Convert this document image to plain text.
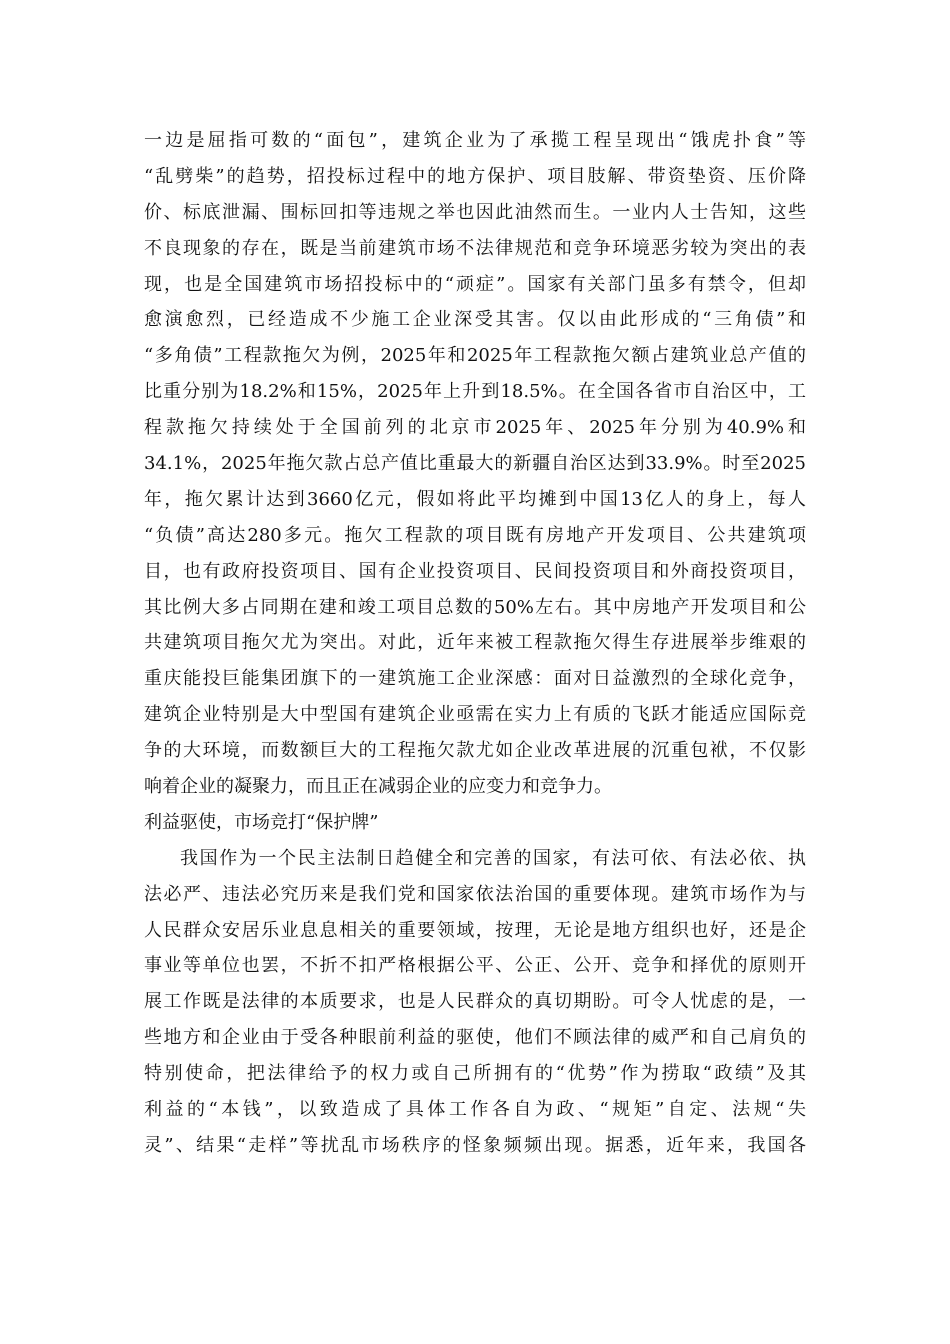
一边是屈指可数的“面包”，建筑企业为了承揽工程呈现出“饿虎扑食”等
“乱劈柴”的趋势，招投标过程中的地方保护、项目肢解、带资垫资、压价降
价、标底泄漏、围标回扣等违规之举也因此油然而生。一业内人士告知，这些
不良现象的存在，既是当前建筑市场不法律规范和竞争环境恶劣较为突出的表
现，也是全国建筑市场招投标中的“顽症”。国家有关部门虽多有禁令，但却
愈演愈烈，已经造成不少施工企业深受其害。仅以由此形成的“三角债”和
“多角债”工程款拖欠为例，2025年和2025年工程款拖欠额占建筑业总产值的
比重分别为18.2%和15%，2025年上升到18.5%。在全国各省市自治区中，工
程款拖欠持续处于全国前列的北京市2025年、2025年分别为40.9%和
34.1%，2025年拖欠款占总产值比重最大的新疆自治区达到33.9%。时至2025
年，拖欠累计达到3660亿元，假如将此平均摊到中国13亿人的身上，每人
“负债”高达280多元。拖欠工程款的项目既有房地产开发项目、公共建筑项
目，也有政府投资项目、国有企业投资项目、民间投资项目和外商投资项目，
其比例大多占同期在建和竣工项目总数的50%左右。其中房地产开发项目和公
共建筑项目拖欠尤为突出。对此，近年来被工程款拖欠得生存进展举步维艰的
重庆能投巨能集团旗下的一建筑施工企业深感：面对日益激烈的全球化竞争，
建筑企业特别是大中型国有建筑企业亟需在实力上有质的飞跃才能适应国际竞
争的大环境，而数额巨大的工程拖欠款尤如企业改革进展的沉重包袱，不仅影
响着企业的凝聚力，而且正在减弱企业的应变力和竞争力。
利益驱使，市场竞打“保护牌”
我国作为一个民主法制日趋健全和完善的国家，有法可依、有法必依、执
法必严、违法必究历来是我们党和国家依法治国的重要体现。建筑市场作为与
人民群众安居乐业息息相关的重要领域，按理，无论是地方组织也好，还是企
事业等单位也罢，不折不扣严格根据公平、公正、公开、竞争和择优的原则开
展工作既是法律的本质要求，也是人民群众的真切期盼。可令人忧虑的是，一
些地方和企业由于受各种眼前利益的驱使，他们不顾法律的威严和自己肩负的
特别使命，把法律给予的权力或自己所拥有的“优势”作为捞取“政绩”及其
利益的“本钱”，以致造成了具体工作各自为政、“规矩”自定、法规“失
灵”、结果“走样”等扰乱市场秩序的怪象频频出现。据悉，近年来，我国各
